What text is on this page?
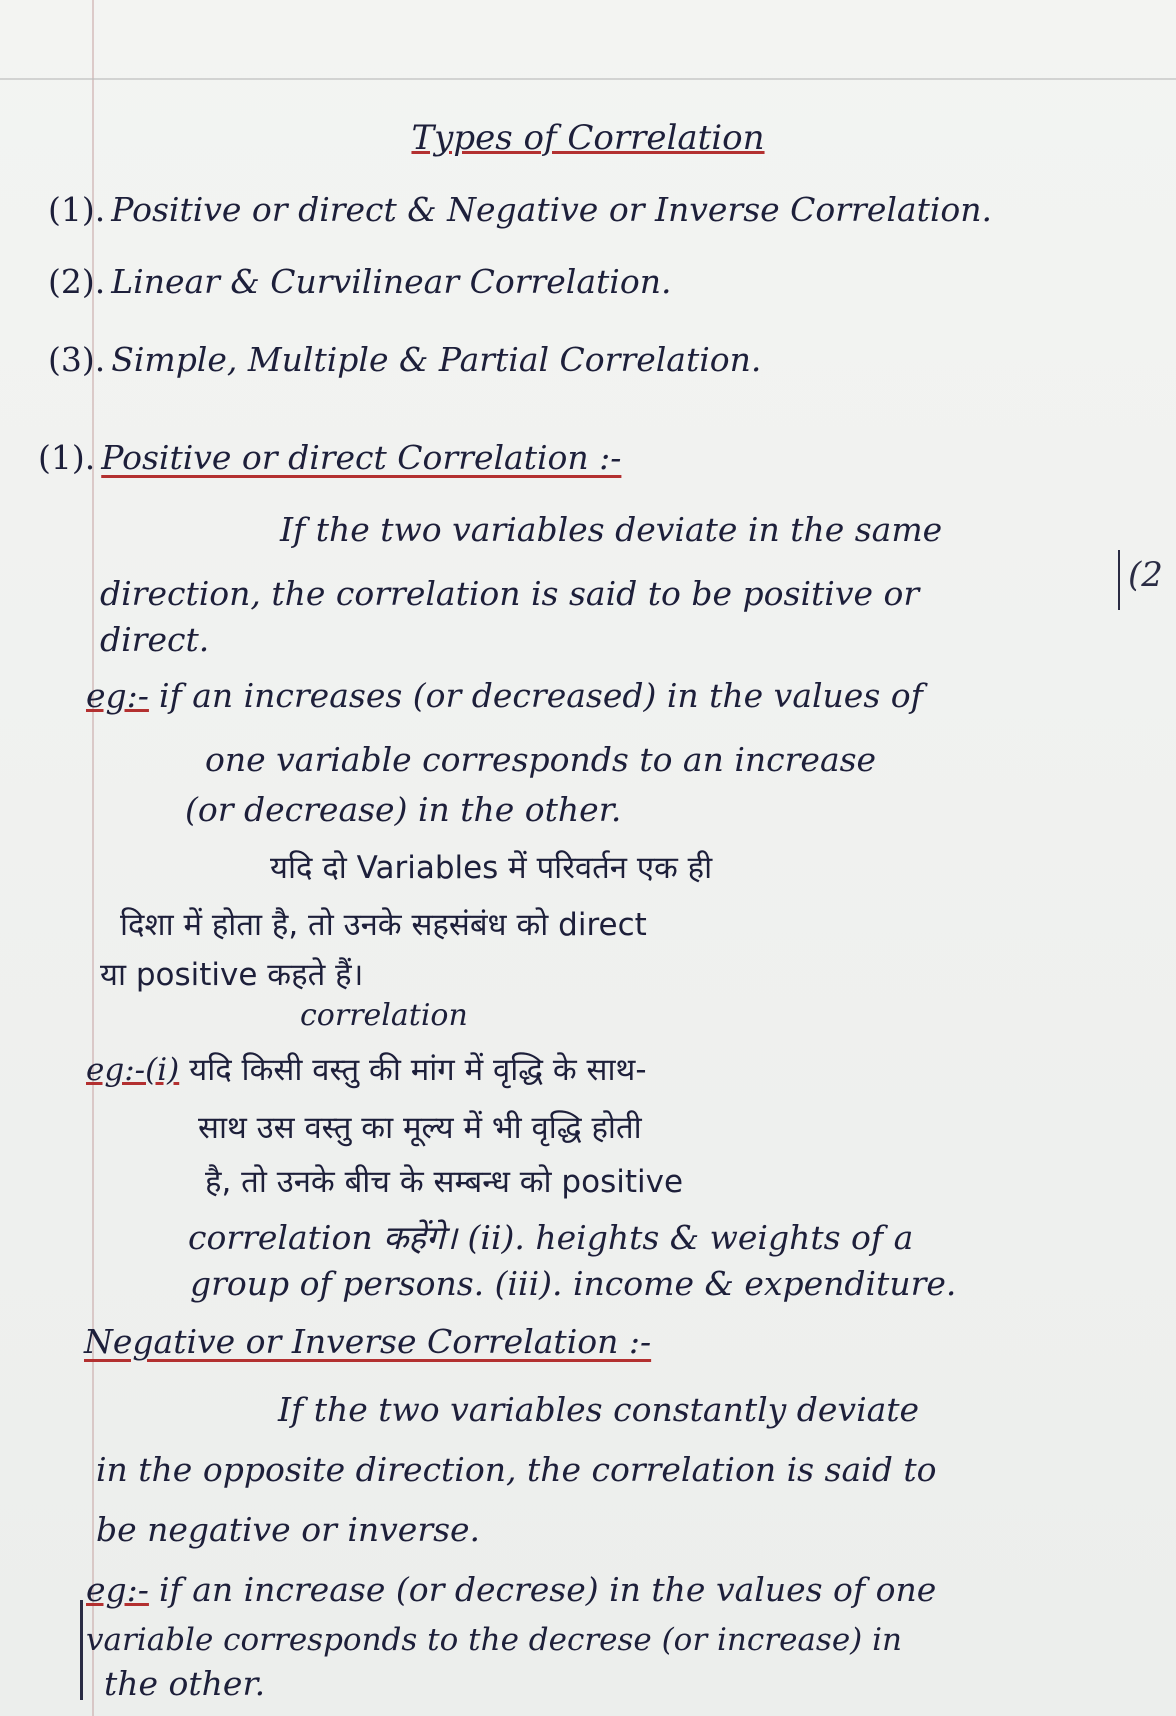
Types of Correlation
(1). Positive or direct & Negative or Inverse Correlation.
(2). Linear & Curvilinear Correlation.
(3). Simple, Multiple & Partial Correlation.
(1). Positive or direct Correlation :-
If the two variables deviate in the same
direction, the correlation is said to be positive or
direct.
eg:- if an increases (or decreased) in the values of
one variable corresponds to an increase
(or decrease) in the other.
यदि दो Variables में परिवर्तन एक ही
दिशा में होता है, तो उनके सहसंबंध को direct
या positive कहते हैं।
correlation
eg:-(i) यदि किसी वस्तु की मांग में वृद्धि के साथ-
साथ उस वस्तु का मूल्य में भी वृद्धि होती
है, तो उनके बीच के सम्बन्ध को positive
correlation कहेंगे। (ii). heights & weights of a
group of persons. (iii). income & expenditure.
Negative or Inverse Correlation :-
If the two variables constantly deviate
in the opposite direction, the correlation is said to
be negative or inverse.
eg:- if an increase (or decrese) in the values of one
variable corresponds to the decrese (or increase) in
the other.
(2
